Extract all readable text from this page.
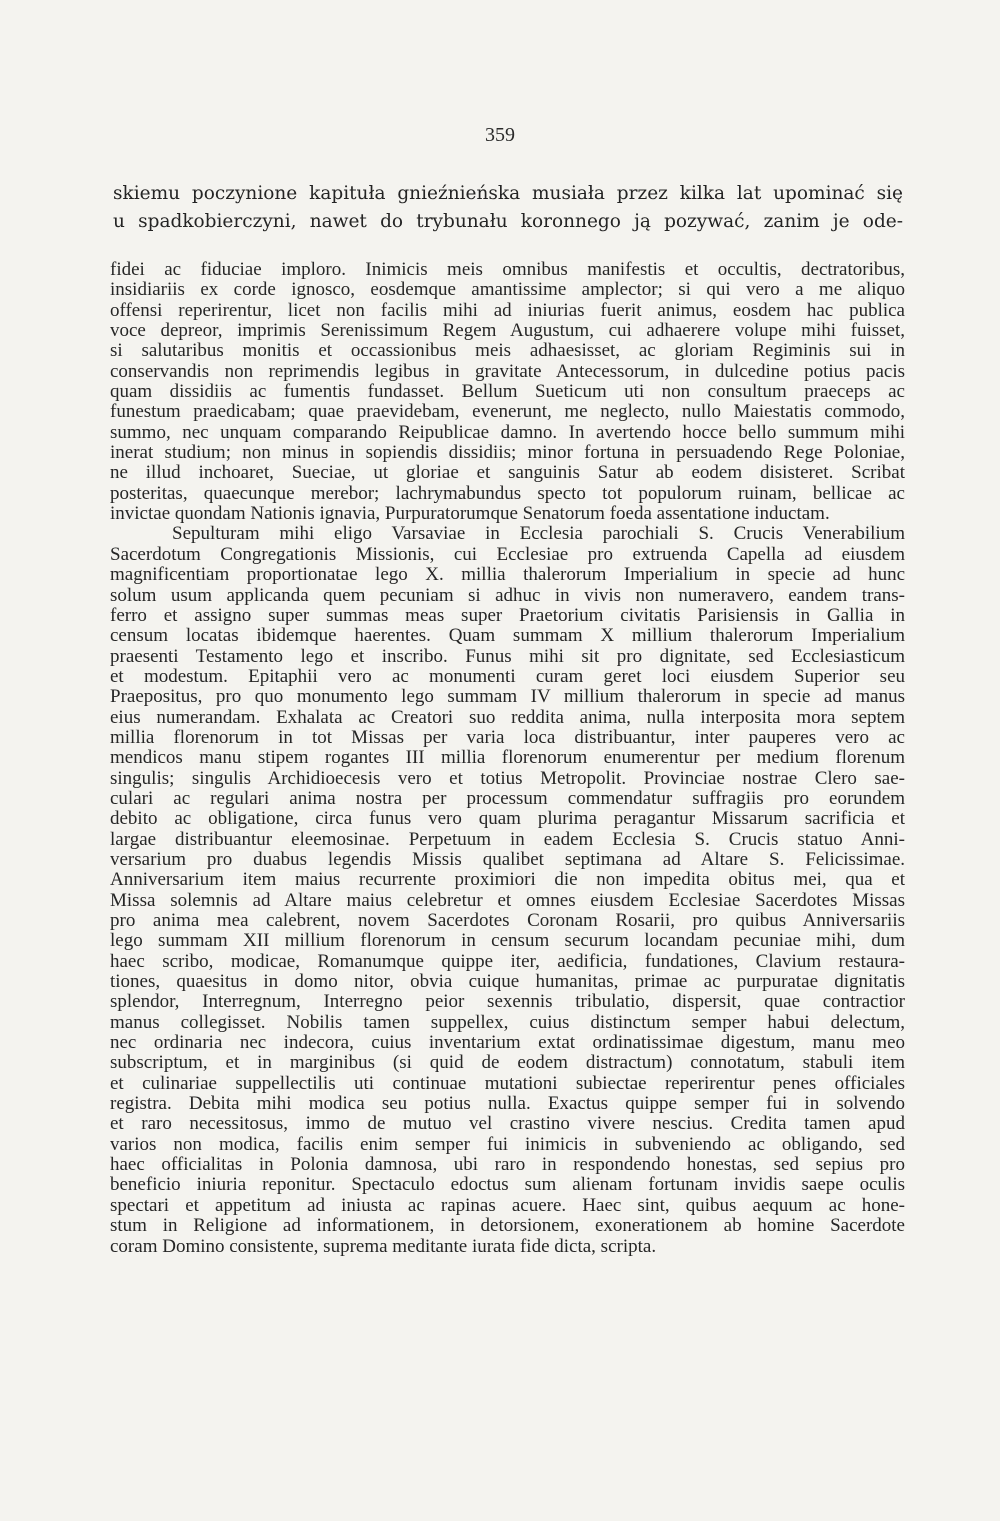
359
skiemu poczynione kapituła gnieźnieńska musiała przez kilka lat upominać się
u spadkobierczyni, nawet do trybunału koronnego ją pozywać, zanim je ode-
fidei ac fiduciae imploro. Inimicis meis omnibus manifestis et occultis, dectratoribus,
insidiariis ex corde ignosco, eosdemque amantissime amplector; si qui vero a me aliquo
offensi reperirentur, licet non facilis mihi ad iniurias fuerit animus, eosdem hac publica
voce depreor, imprimis Serenissimum Regem Augustum, cui adhaerere volupe mihi fuisset,
si salutaribus monitis et occassionibus meis adhaesisset, ac gloriam Regiminis sui in
conservandis non reprimendis legibus in gravitate Antecessorum, in dulcedine potius pacis
quam dissidiis ac fumentis fundasset. Bellum Sueticum uti non consultum praeceps ac
funestum praedicabam; quae praevidebam, evenerunt, me neglecto, nullo Maiestatis commodo,
summo, nec unquam comparando Reipublicae damno. In avertendo hocce bello summum mihi
inerat studium; non minus in sopiendis dissidiis; minor fortuna in persuadendo Rege Poloniae,
ne illud inchoaret, Sueciae, ut gloriae et sanguinis Satur ab eodem disisteret. Scribat
posteritas, quaecunque merebor; lachrymabundus specto tot populorum ruinam, bellicae ac
invictae quondam Nationis ignavia, Purpuratorumque Senatorum foeda assentatione inductam.
Sepulturam mihi eligo Varsaviae in Ecclesia parochiali S. Crucis Venerabilium
Sacerdotum Congregationis Missionis, cui Ecclesiae pro extruenda Capella ad eiusdem
magnificentiam proportionatae lego X. millia thalerorum Imperialium in specie ad hunc
solum usum applicanda quem pecuniam si adhuc in vivis non numeravero, eandem trans-
ferro et assigno super summas meas super Praetorium civitatis Parisiensis in Gallia in
censum locatas ibidemque haerentes. Quam summam X millium thalerorum Imperialium
praesenti Testamento lego et inscribo. Funus mihi sit pro dignitate, sed Ecclesiasticum
et modestum. Epitaphii vero ac monumenti curam geret loci eiusdem Superior seu
Praepositus, pro quo monumento lego summam IV millium thalerorum in specie ad manus
eius numerandam. Exhalata ac Creatori suo reddita anima, nulla interposita mora septem
millia florenorum in tot Missas per varia loca distribuantur, inter pauperes vero ac
mendicos manu stipem rogantes III millia florenorum enumerentur per medium florenum
singulis; singulis Archidioecesis vero et totius Metropolit. Provinciae nostrae Clero sae-
culari ac regulari anima nostra per processum commendatur suffragiis pro eorundem
debito ac obligatione, circa funus vero quam plurima peragantur Missarum sacrificia et
largae distribuantur eleemosinae. Perpetuum in eadem Ecclesia S. Crucis statuo Anni-
versarium pro duabus legendis Missis qualibet septimana ad Altare S. Felicissimae.
Anniversarium item maius recurrente proximiori die non impedita obitus mei, qua et
Missa solemnis ad Altare maius celebretur et omnes eiusdem Ecclesiae Sacerdotes Missas
pro anima mea calebrent, novem Sacerdotes Coronam Rosarii, pro quibus Anniversariis
lego summam XII millium florenorum in censum securum locandam pecuniae mihi, dum
haec scribo, modicae, Romanumque quippe iter, aedificia, fundationes, Clavium restaura-
tiones, quaesitus in domo nitor, obvia cuique humanitas, primae ac purpuratae dignitatis
splendor, Interregnum, Interregno peior sexennis tribulatio, dispersit, quae contractior
manus collegisset. Nobilis tamen suppellex, cuius distinctum semper habui delectum,
nec ordinaria nec indecora, cuius inventarium extat ordinatissimae digestum, manu meo
subscriptum, et in marginibus (si quid de eodem distractum) connotatum, stabuli item
et culinariae suppellectilis uti continuae mutationi subiectae reperirentur penes officiales
registra. Debita mihi modica seu potius nulla. Exactus quippe semper fui in solvendo
et raro necessitosus, immo de mutuo vel crastino vivere nescius. Credita tamen apud
varios non modica, facilis enim semper fui inimicis in subveniendo ac obligando, sed
haec officialitas in Polonia damnosa, ubi raro in respondendo honestas, sed sepius pro
beneficio iniuria reponitur. Spectaculo edoctus sum alienam fortunam invidis saepe oculis
spectari et appetitum ad iniusta ac rapinas acuere. Haec sint, quibus aequum ac hone-
stum in Religione ad informationem, in detorsionem, exonerationem ab homine Sacerdote
coram Domino consistente, suprema meditante iurata fide dicta, scripta.
